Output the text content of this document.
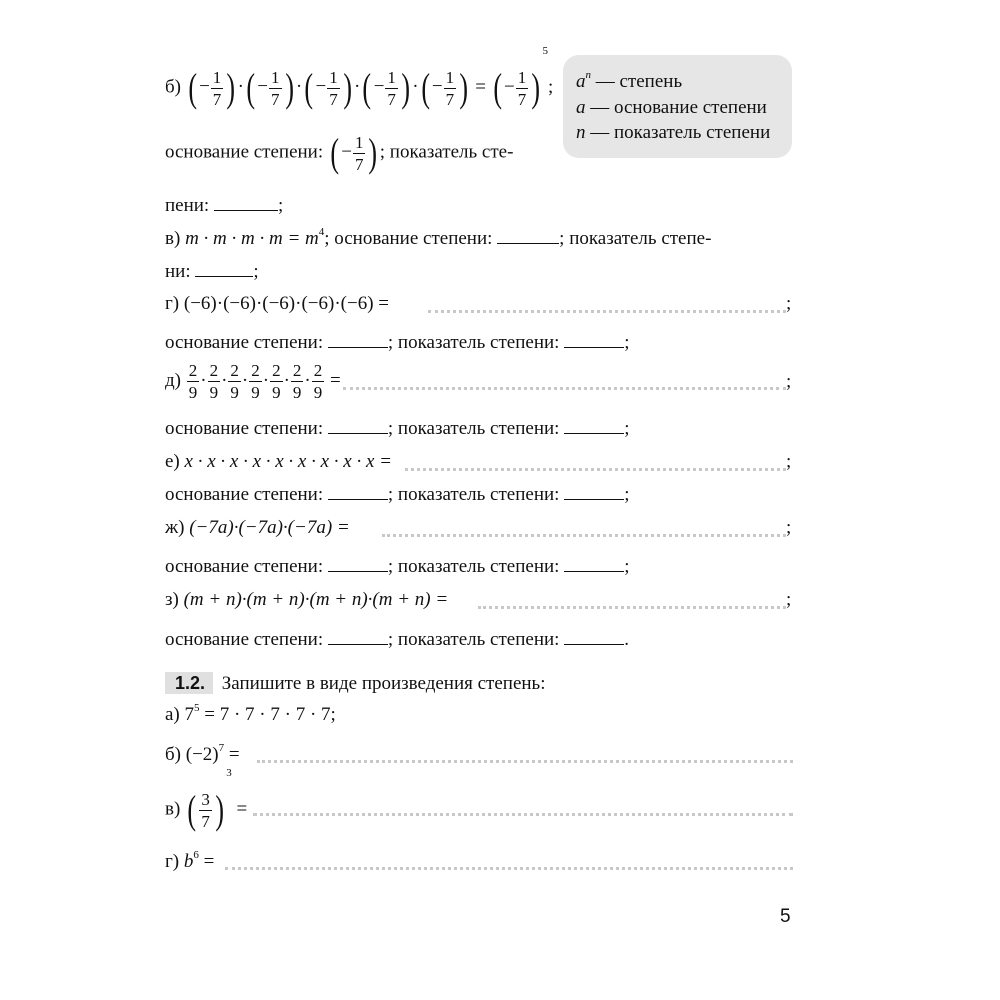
$a^n$ — степень
a — основание степени
n — показатель степени
б) ( − $\frac{1}{7}$ ) ·( − $\frac{1}{7}$ ) ·( − $\frac{1}{7}$ ) ·( − $\frac{1}{7}$ ) ·( − $\frac{1}{7}$ ) = ( − $\frac{1}{7} )^5$;
основание степени: ( − $\frac{1}{7}$ ) ; показатель сте-
пени:	;
в) $m \cdot m \cdot m \cdot m = m^4$; основание степени:	; показатель степе-
ни:	;
г) (−6)·(−6)·(−6)·(−6)·(−6) =	;
основание степени:	; показатель степени:	;
$д) \frac{2}{9} \cdot \frac{2}{9} \cdot \frac{2}{9} \cdot \frac{2}{9} \cdot \frac{2}{9} \cdot \frac{2}{9} \cdot \frac{2}{9}$ =	;
основание степени:	; показатель степени:	;
е) x · x · x · x · x · x · x · x · x =	;
основание степени:	; показатель степени:	;
ж) (−7a)·(−7a)·(−7a) =	;
основание степени:	; показатель степени:	;
з) (m + n)·(m + n)·(m + n)·(m + n) =	;
основание степени:	; показатель степени:	.
1.2. Запишите в виде произведения степень:
а) $7^5 = 7 \cdot 7 \cdot 7 \cdot 7 \cdot 7$;
б) $(-2)^7$ =
в) ( $\frac{3}{7} )^3$ =
г) $b^6$ =
5
